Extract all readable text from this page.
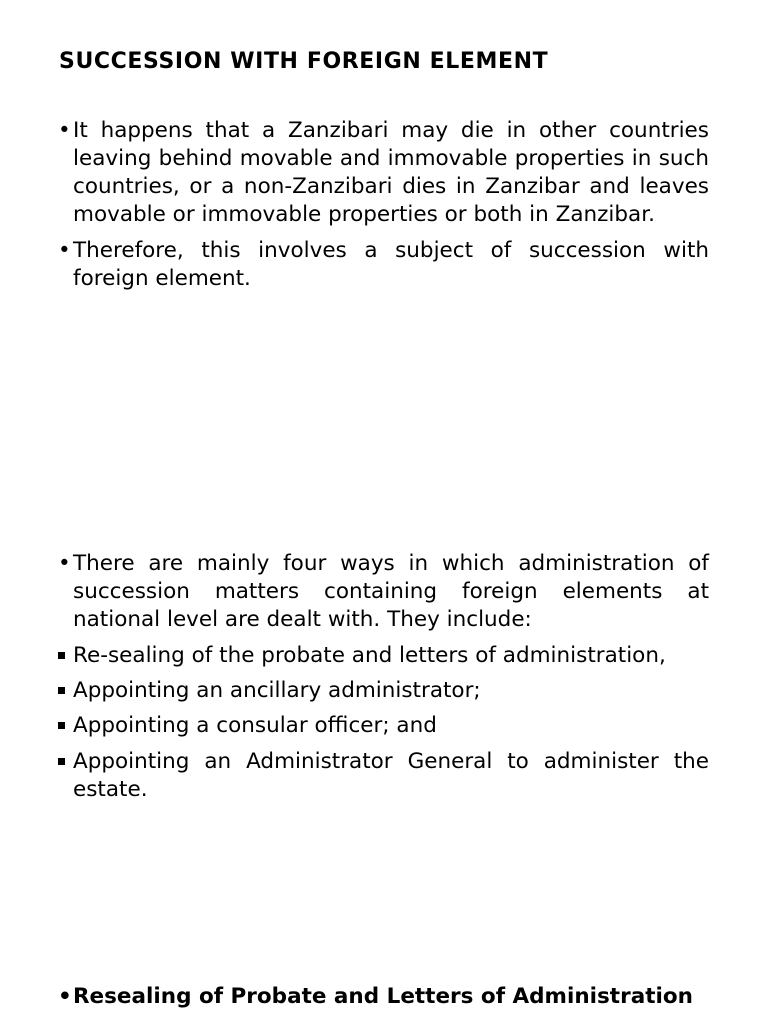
SUCCESSION WITH FOREIGN ELEMENT

• It happens that a Zanzibari may die in other countries leaving behind movable and immovable properties in such countries, or a non-Zanzibari dies in Zanzibar and leaves movable or immovable properties or both in Zanzibar.

• Therefore, this involves a subject of succession with foreign element.

• There are mainly four ways in which administration of succession matters containing foreign elements at national level are dealt with. They include:

Re-sealing of the probate and letters of administration,

Appointing an ancillary administrator;

Appointing a consular officer; and

Appointing an Administrator General to administer the estate.

• Resealing of Probate and Letters of Administration
